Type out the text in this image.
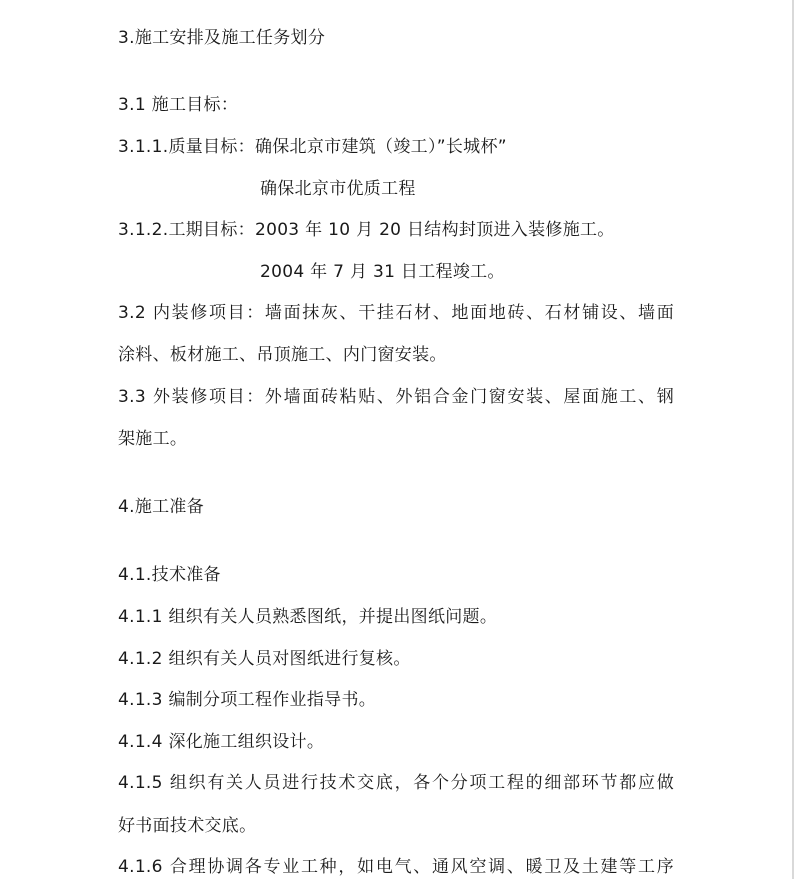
3.施工安排及施工任务划分
3.1 施工目标：
3.1.1.质量目标：确保北京市建筑（竣工）”长城杯”
确保北京市优质工程
3.1.2.工期目标：2003 年 10 月 20 日结构封顶进入装修施工。
2004 年 7 月 31 日工程竣工。
3.2 内装修项目：墙面抹灰、干挂石材、地面地砖、石材铺设、墙面
涂料、板材施工、吊顶施工、内门窗安装。
3.3 外装修项目：外墙面砖粘贴、外铝合金门窗安装、屋面施工、钢
架施工。
4.施工准备
4.1.技术准备
4.1.1 组织有关人员熟悉图纸，并提出图纸问题。
4.1.2 组织有关人员对图纸进行复核。
4.1.3 编制分项工程作业指导书。
4.1.4 深化施工组织设计。
4.1.5 组织有关人员进行技术交底，各个分项工程的细部环节都应做
好书面技术交底。
4.1.6 合理协调各专业工种，如电气、通风空调、暖卫及土建等工序
